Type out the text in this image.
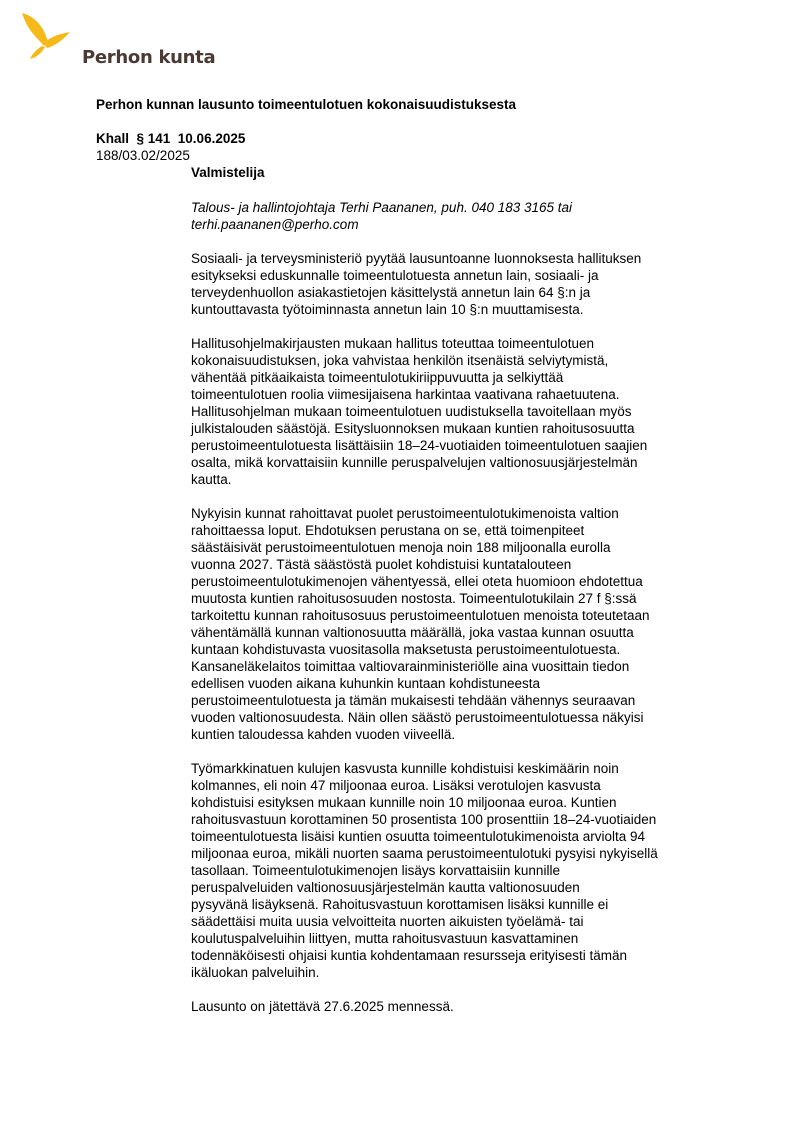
Perhon kunta
Perhon kunnan lausunto toimeentulotuen kokonaisuudistuksesta
Khall  § 141  10.06.2025
188/03.02/2025
Valmistelija
Talous- ja hallintojohtaja Terhi Paananen, puh. 040 183 3165 tai
terhi.paananen@perho.com
Sosiaali- ja terveysministeriö pyytää lausuntoanne luonnoksesta hallituksen
esitykseksi eduskunnalle toimeentulotuesta annetun lain, sosiaali- ja
terveydenhuollon asiakastietojen käsittelystä annetun lain 64 §:n ja
kuntouttavasta työtoiminnasta annetun lain 10 §:n muuttamisesta.
Hallitusohjelmakirjausten mukaan hallitus toteuttaa toimeentulotuen
kokonaisuudistuksen, joka vahvistaa henkilön itsenäistä selviytymistä,
vähentää pitkäaikaista toimeentulotukiriippuvuutta ja selkiyttää
toimeentulotuen roolia viimesijaisena harkintaa vaativana rahaetuutena.
Hallitusohjelman mukaan toimeentulotuen uudistuksella tavoitellaan myös
julkistalouden säästöjä. Esitysluonnoksen mukaan kuntien rahoitusosuutta
perustoimeentulotuesta lisättäisiin 18–24-vuotiaiden toimeentulotuen saajien
osalta, mikä korvattaisiin kunnille peruspalvelujen valtionosuusjärjestelmän
kautta.
Nykyisin kunnat rahoittavat puolet perustoimeentulotukimenoista valtion
rahoittaessa loput. Ehdotuksen perustana on se, että toimenpiteet
säästäisivät perustoimeentulotuen menoja noin 188 miljoonalla eurolla
vuonna 2027. Tästä säästöstä puolet kohdistuisi kuntatalouteen
perustoimeentulotukimenojen vähentyessä, ellei oteta huomioon ehdotettua
muutosta kuntien rahoitusosuuden nostosta. Toimeentulotukilain 27 f §:ssä
tarkoitettu kunnan rahoitusosuus perustoimeentulotuen menoista toteutetaan
vähentämällä kunnan valtionosuutta määrällä, joka vastaa kunnan osuutta
kuntaan kohdistuvasta vuositasolla maksetusta perustoimeentulotuesta.
Kansaneläkelaitos toimittaa valtiovarainministeriölle aina vuosittain tiedon
edellisen vuoden aikana kuhunkin kuntaan kohdistuneesta
perustoimeentulotuesta ja tämän mukaisesti tehdään vähennys seuraavan
vuoden valtionosuudesta. Näin ollen säästö perustoimeentulotuessa näkyisi
kuntien taloudessa kahden vuoden viiveellä.
Työmarkkinatuen kulujen kasvusta kunnille kohdistuisi keskimäärin noin
kolmannes, eli noin 47 miljoonaa euroa. Lisäksi verotulojen kasvusta
kohdistuisi esityksen mukaan kunnille noin 10 miljoonaa euroa. Kuntien
rahoitusvastuun korottaminen 50 prosentista 100 prosenttiin 18–24-vuotiaiden
toimeentulotuesta lisäisi kuntien osuutta toimeentulotukimenoista arviolta 94
miljoonaa euroa, mikäli nuorten saama perustoimeentulotuki pysyisi nykyisellä
tasollaan. Toimeentulotukimenojen lisäys korvattaisiin kunnille
peruspalveluiden valtionosuusjärjestelmän kautta valtionosuuden
pysyvänä lisäyksenä. Rahoitusvastuun korottamisen lisäksi kunnille ei
säädettäisi muita uusia velvoitteita nuorten aikuisten työelämä- tai
koulutuspalveluihin liittyen, mutta rahoitusvastuun kasvattaminen
todennäköisesti ohjaisi kuntia kohdentamaan resursseja erityisesti tämän
ikäluokan palveluihin.
Lausunto on jätettävä 27.6.2025 mennessä.
